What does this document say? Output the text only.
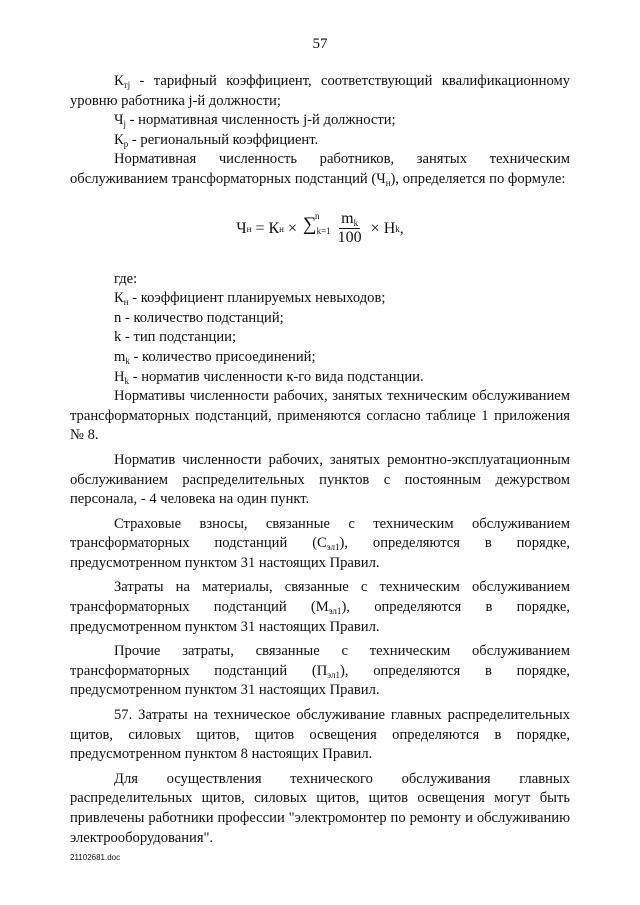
57

$К_{тj}$ - тарифный коэффициент, соответствующий квалификационному уровню работника j-й должности;

$Ч_j$ - нормативная численность j-й должности;

$К_р$ - региональный коэффициент.

Нормативная численность работников, занятых техническим обслуживанием трансформаторных подстанций $(Ч_н)$, определяется по формуле:

Ч н = К н × ∑
n
$_{k=1} \frac{m_k}{100} \times Н$ k ,

где:

$К_н$ - коэффициент планируемых невыходов;

n - количество подстанций;

k - тип подстанции;

$m_k$ - количество присоединений;

$Н_k$ - норматив численности к-го вида подстанции.

Нормативы численности рабочих, занятых техническим обслуживанием трансформаторных подстанций, применяются согласно таблице 1 приложения № 8.

Норматив численности рабочих, занятых ремонтно-эксплуатационным обслуживанием распределительных пунктов с постоянным дежурством персонала, - 4 человека на один пункт.

Страховые взносы, связанные с техническим обслуживанием трансформаторных подстанций $(С_{эл1})$, определяются в порядке, предусмотренном пунктом 31 настоящих Правил.

Затраты на материалы, связанные с техническим обслуживанием трансформаторных подстанций $(М_{эл1})$, определяются в порядке, предусмотренном пунктом 31 настоящих Правил.

Прочие затраты, связанные с техническим обслуживанием трансформаторных подстанций $(П_{эл1})$, определяются в порядке, предусмотренном пунктом 31 настоящих Правил.

57. Затраты на техническое обслуживание главных распределительных щитов, силовых щитов, щитов освещения определяются в порядке, предусмотренном пунктом 8 настоящих Правил.

Для осуществления технического обслуживания главных распределительных щитов, силовых щитов, щитов освещения могут быть привлечены работники профессии "электромонтер по ремонту и обслуживанию электрооборудования".

21102681.doc
